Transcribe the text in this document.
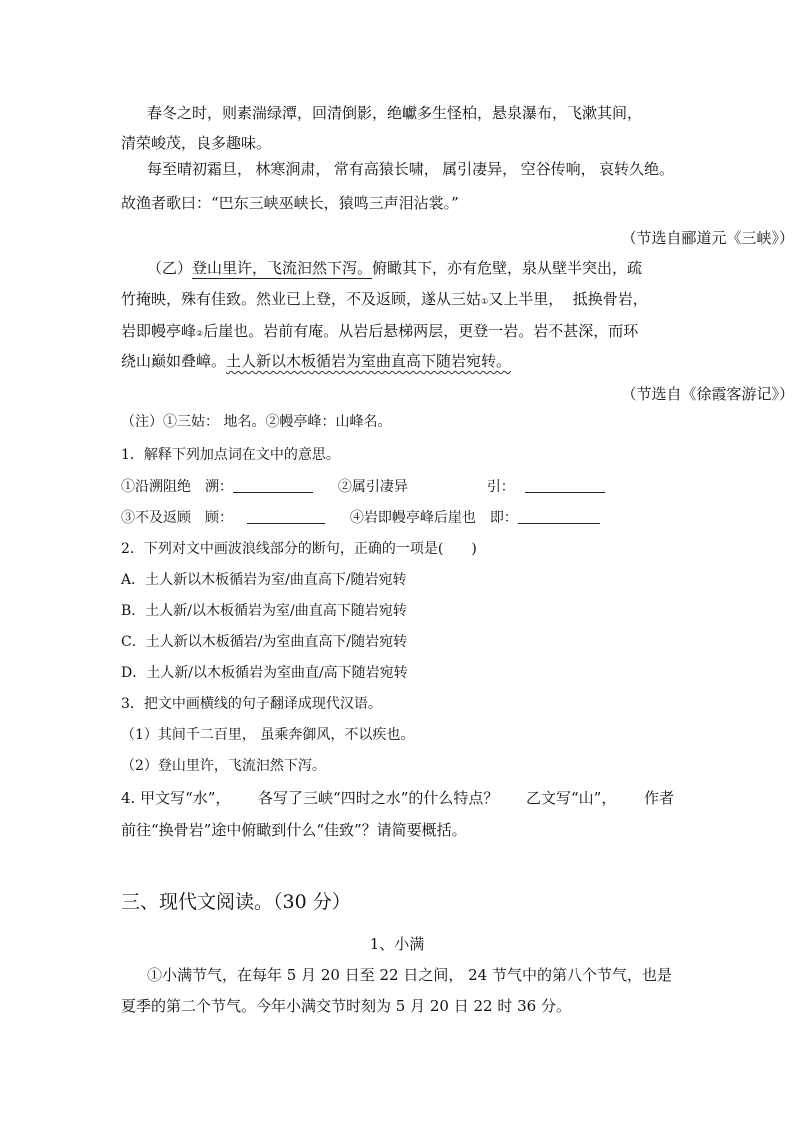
春冬之时，则素湍绿潭，回清倒影，绝巘多生怪柏，悬泉瀑布，飞漱其间，
清荣峻茂，良多趣味。
每至晴初霜旦， 林寒涧肃， 常有高猿长啸， 属引凄异， 空谷传响， 哀转久绝。
故渔者歌曰：“巴东三峡巫峡长，猿鸣三声泪沾裳。”
（节选自郦道元《三峡》）
（乙）登山里许，飞流汩然下泻。俯瞰其下，亦有危壁，泉从壁半突出，疏
竹掩映，殊有佳致。然业已上登，不及返顾，遂从三姑①又上半里， 抵换骨岩，
岩即幔亭峰②后崖也。岩前有庵。从岩后悬梯两层，更登一岩。岩不甚深，而环
绕山巅如叠嶂。土人新以木板循岩为室曲直高下随岩宛转。
（节选自《徐霞客游记》）
（注）①三姑： 地名。②幔亭峰：山峰名。
1．解释下列加点词在文中的意思。
①沿溯阻绝　溯：	②属引凄异	引：
③不及返顾　顾：	④岩即幔亭峰后崖也　即：
2．下列对文中画波浪线部分的断句，正确的一项是(　　)
A．土人新以木板循岩为室/曲直高下/随岩宛转
B．土人新/以木板循岩为室/曲直高下随岩宛转
C．土人新以木板循岩/为室曲直高下/随岩宛转
D．土人新/以木板循岩为室曲直/高下随岩宛转
3．把文中画横线的句子翻译成现代汉语。
（1）其间千二百里， 虽乘奔御风，不以疾也。
（2）登山里许，飞流汩然下泻。
4. 甲文写“水”， 各写了三峡“四时之水”的什么特点？ 乙文写“山”， 作者
前往“换骨岩”途中俯瞰到什么“佳致”？请简要概括。
三、现代文阅读。（30 分）
1、小满
①小满节气，在每年 5 月 20 日至 22 日之间， 24 节气中的第八个节气，也是
夏季的第二个节气。今年小满交节时刻为 5 月 20 日 22 时 36 分。
